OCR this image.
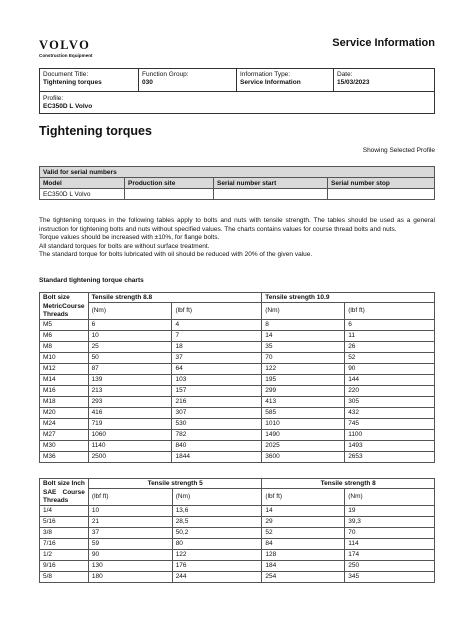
VOLVO
Construction Equipment
Service Information
Document Title:
Tightening torques
Function Group:
030
Information Type:
Service Information
Date:
15/03/2023
Profile:
EC350D L Volvo
Tightening torques
Showing Selected Profile
Valid for serial numbers			
Model	Production site	Serial number start	Serial number stop
EC350D L Volvo			

The tightening torques in the following tables apply to bolts and nuts with tensile strength. The tables should be used as a general instruction for tightening bolts and nuts without specified values. The charts contains values for course thread bolts and nuts.

Torque values should be increased with ±10%, for flange bolts.

All standard torques for bolts are without surface treatment.

The standard torque for bolts lubricated with oil should be reduced with 20% of the given value.

Standard tightening torque charts
Bolt size	Tensile strength 8.8		Tensile strength 10.9	

Metric Course
Threads	(Nm)	(lbf ft)	(Nm)	(lbf ft)
M5	6	4	8	6
M6	10	7	14	11
M8	25	18	35	26
M10	50	37	70	52
M12	87	64	122	90
M14	139	103	195	144
M16	213	157	299	220
M18	293	216	413	305
M20	416	307	585	432
M24	719	530	1010	745
M27	1060	782	1490	1100
M30	1140	840	2025	1493
M36	2500	1844	3600	2653
Bolt size Inch	Tensile strength 5		Tensile strength 8	

SAE Course
Threads	(lbf ft)	(Nm)	(lbf ft)	(Nm)
1/4	10	13,6	14	19
5/16	21	28,5	29	39,3
3/8	37	50,2	52	70
7/16	59	80	84	114
1/2	90	122	128	174
9/16	130	176	184	250
5/8	180	244	254	345
